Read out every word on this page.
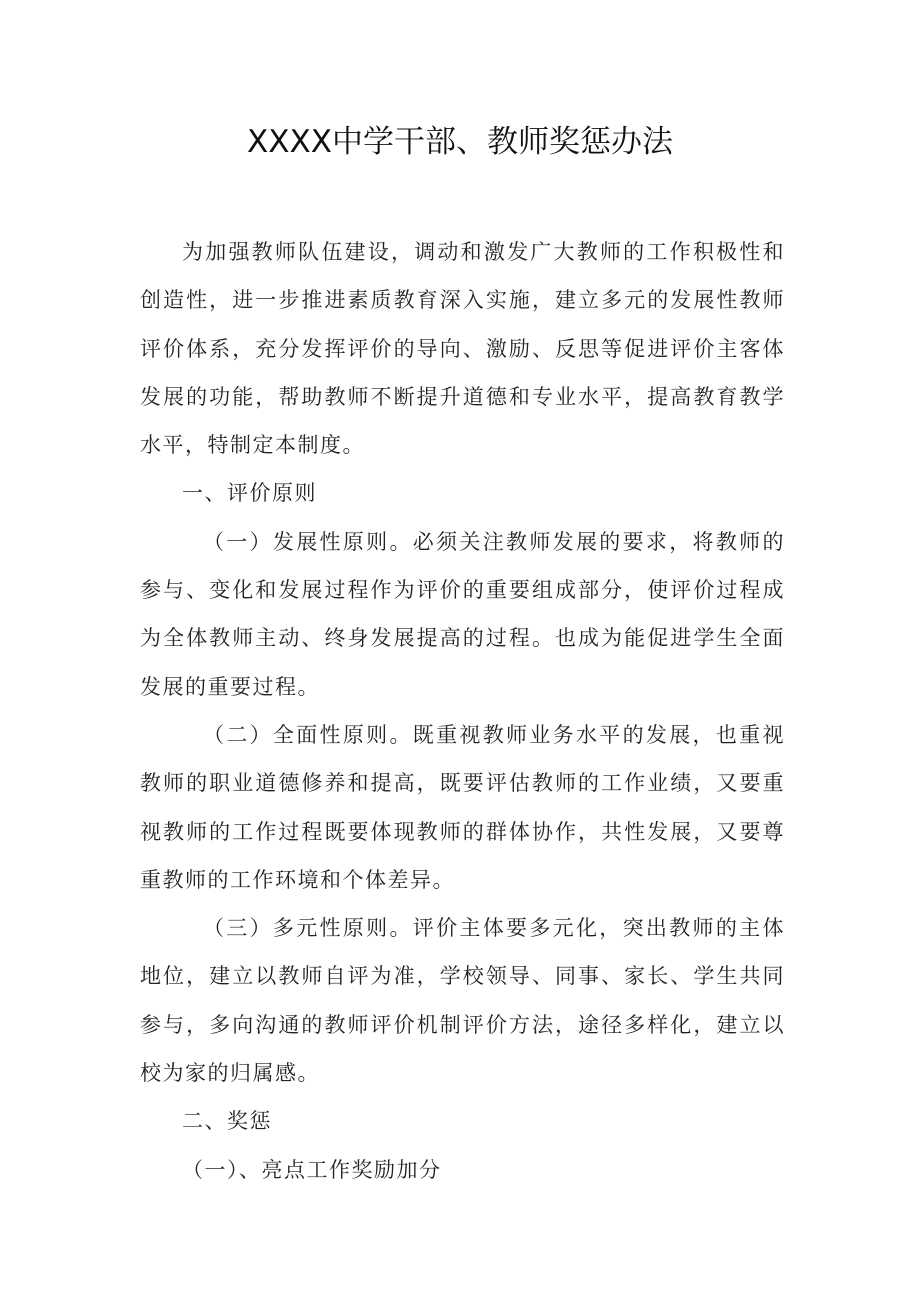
XXXX中学干部、教师奖惩办法

为加强教师队伍建设，调动和激发广大教师的工作积极性和创造性，进一步推进素质教育深入实施，建立多元的发展性教师评价体系，充分发挥评价的导向、激励、反思等促进评价主客体发展的功能，帮助教师不断提升道德和专业水平，提高教育教学水平，特制定本制度。

一、评价原则

（一）发展性原则。必须关注教师发展的要求，将教师的参与、变化和发展过程作为评价的重要组成部分，使评价过程成为全体教师主动、终身发展提高的过程。也成为能促进学生全面发展的重要过程。

（二）全面性原则。既重视教师业务水平的发展，也重视教师的职业道德修养和提高，既要评估教师的工作业绩，又要重视教师的工作过程既要体现教师的群体协作，共性发展，又要尊重教师的工作环境和个体差异。

（三）多元性原则。评价主体要多元化，突出教师的主体地位，建立以教师自评为准，学校领导、同事、家长、学生共同参与，多向沟通的教师评价机制评价方法，途径多样化，建立以校为家的归属感。

二、奖惩

（一）、亮点工作奖励加分
